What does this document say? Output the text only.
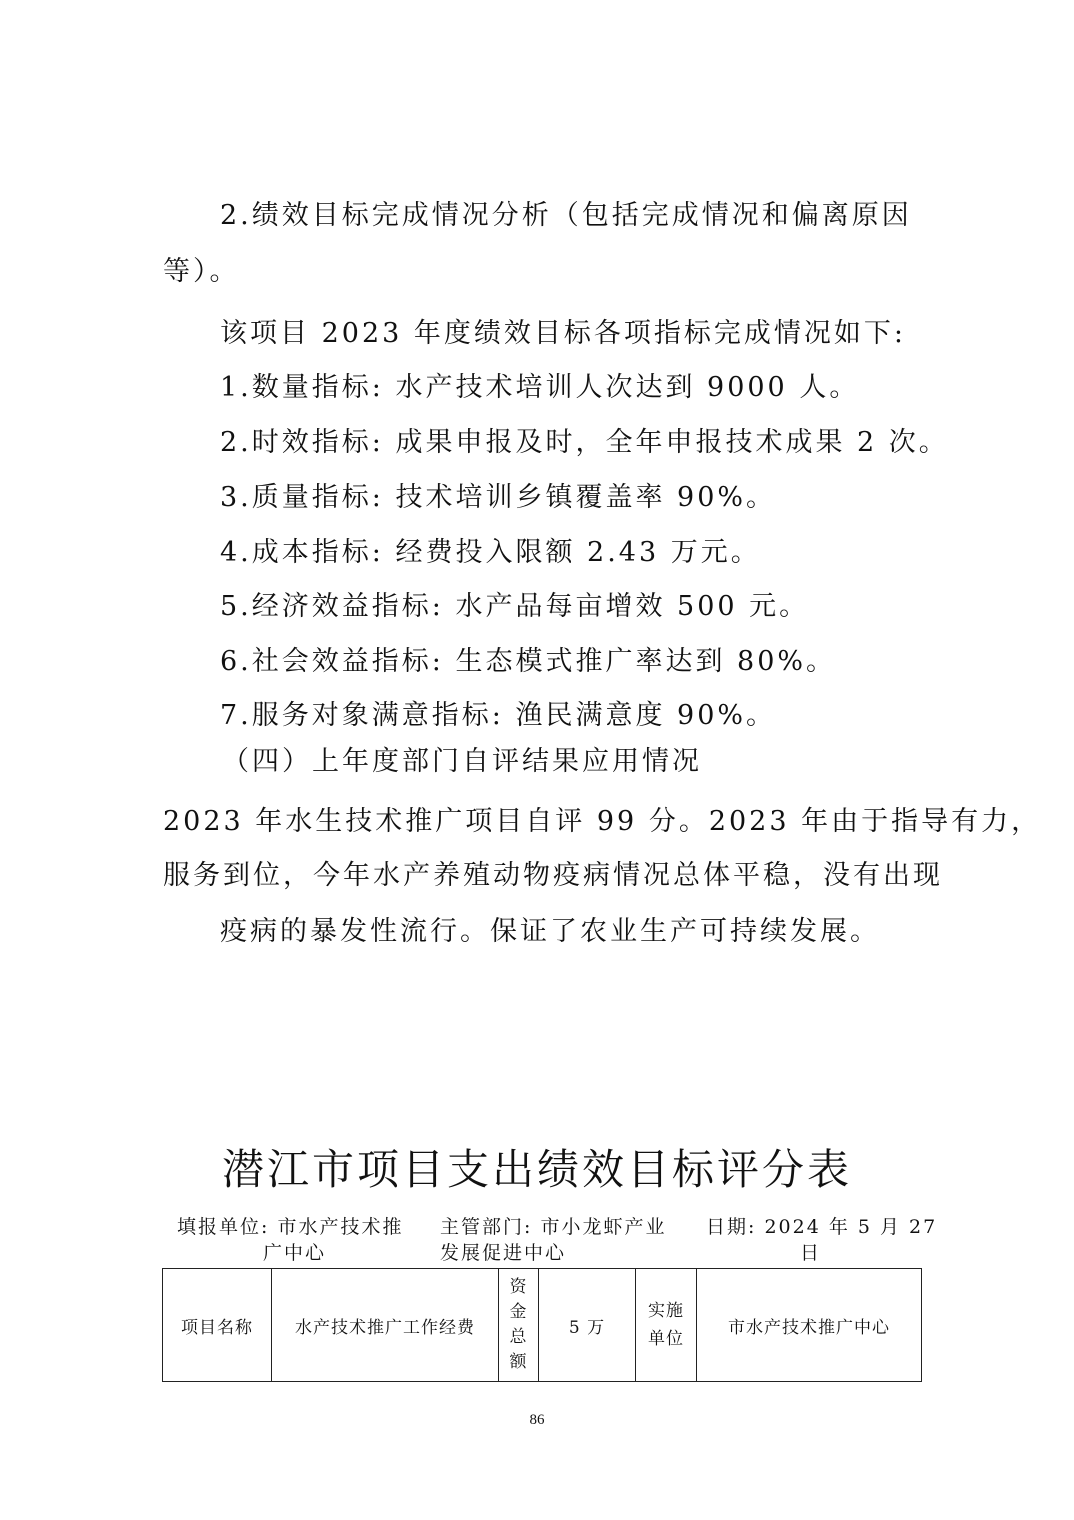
2.绩效目标完成情况分析（包括完成情况和偏离原因
等）。
该项目 2023 年度绩效目标各项指标完成情况如下:
1.数量指标: 水产技术培训人次达到 9000 人。
2.时效指标: 成果申报及时，全年申报技术成果 2 次。
3.质量指标: 技术培训乡镇覆盖率 90%。
4.成本指标: 经费投入限额 2.43 万元。
5.经济效益指标: 水产品每亩增效 500 元。
6.社会效益指标: 生态模式推广率达到 80%。
7.服务对象满意指标: 渔民满意度 90%。
（四）上年度部门自评结果应用情况
2023 年水生技术推广项目自评 99 分。2023 年由于指导有力，
服务到位，今年水产养殖动物疫病情况总体平稳，没有出现
疫病的暴发性流行。保证了农业生产可持续发展。
潜江市项目支出绩效目标评分表
填报单位: 市水产技术推
广中心
主管部门: 市小龙虾产业
发展促进中心
日期: 2024 年 5 月 27
日
项目名称	水产技术推广工作经费	
资
金
总
额
	5 万	
实施
单位
	市水产技术推广中心
86
